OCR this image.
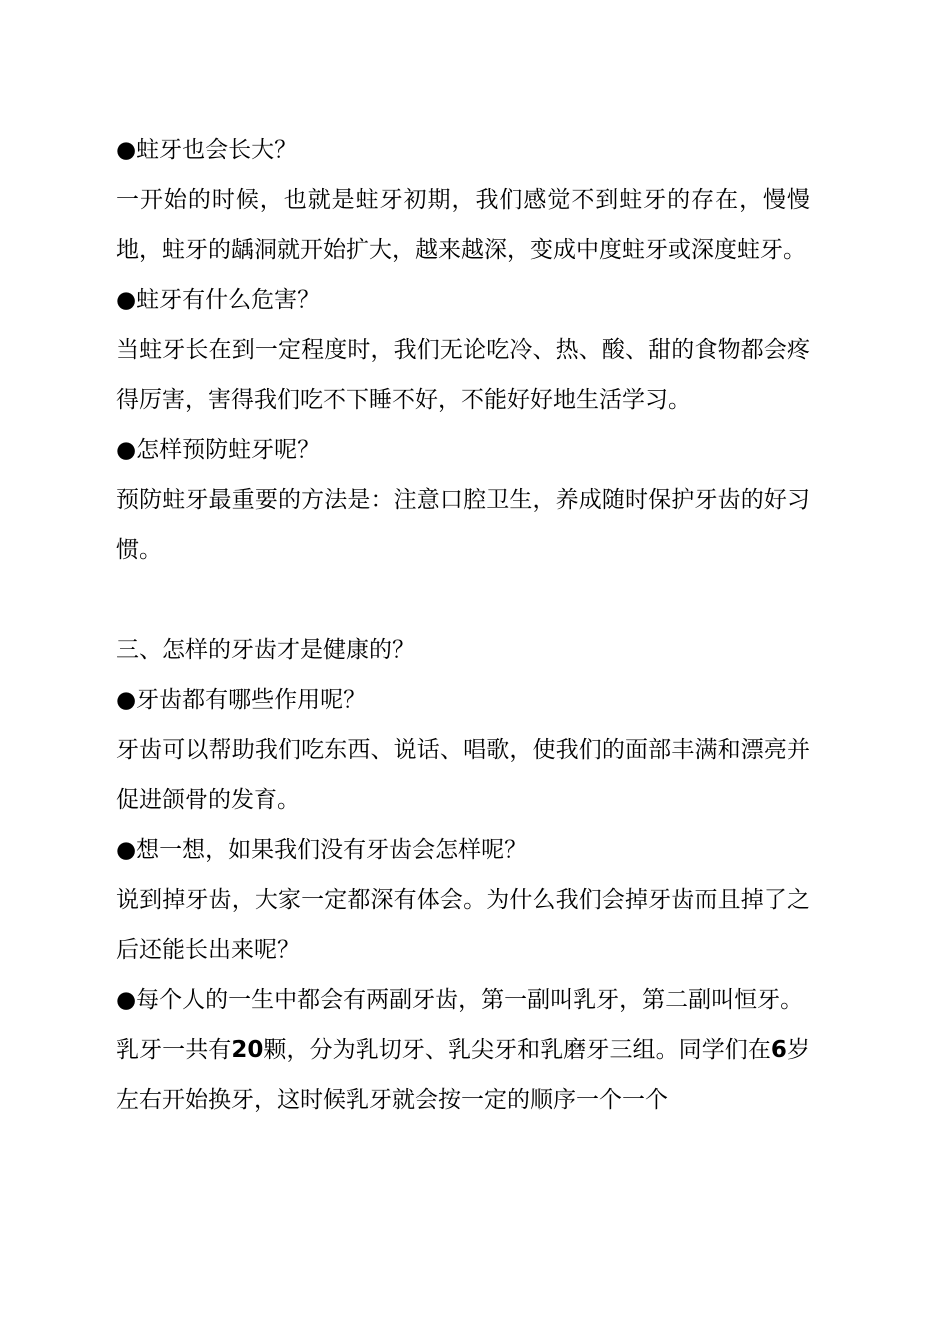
●蛀牙也会长大？

一开始的时候，也就是蛀牙初期，我们感觉不到蛀牙的存在，慢慢地，蛀牙的龋洞就开始扩大，越来越深，变成中度蛀牙或深度蛀牙。

●蛀牙有什么危害？

当蛀牙长在到一定程度时，我们无论吃冷、热、酸、甜的食物都会疼得厉害，害得我们吃不下睡不好，不能好好地生活学习。

●怎样预防蛀牙呢？

预防蛀牙最重要的方法是：注意口腔卫生，养成随时保护牙齿的好习惯。

三、怎样的牙齿才是健康的？

●牙齿都有哪些作用呢？

牙齿可以帮助我们吃东西、说话、唱歌，使我们的面部丰满和漂亮并促进颌骨的发育。

●想一想，如果我们没有牙齿会怎样呢？

说到掉牙齿，大家一定都深有体会。为什么我们会掉牙齿而且掉了之后还能长出来呢？

●每个人的一生中都会有两副牙齿，第一副叫乳牙，第二副叫恒牙。

乳牙一共有20颗，分为乳切牙、乳尖牙和乳磨牙三组。同学们在6岁左右开始换牙，这时候乳牙就会按一定的顺序一个一个
